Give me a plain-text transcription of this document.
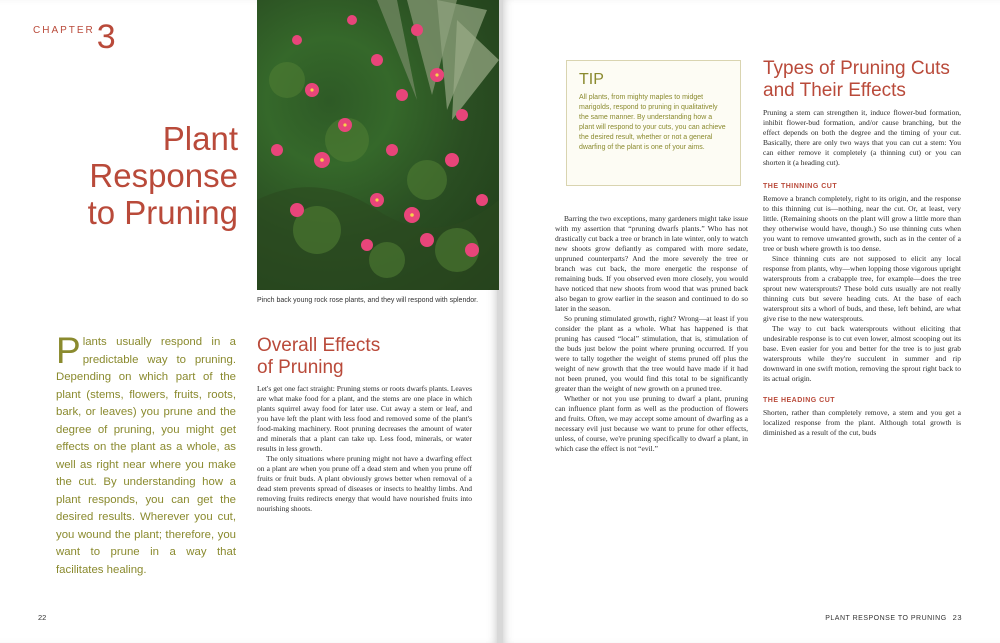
$^{CHAPTER}$3
Plant
Response
to Pruning
Pinch back young rock rose plants, and they will respond with splendor.

Plants usually respond in a predictable way to pruning. Depending on which part of the plant (stems, flowers, fruits, roots, bark, or leaves) you prune and the degree of pruning, you might get effects on the plant as a whole, as well as right near where you make the cut. By understanding how a plant responds, you can get the desired results. Wherever you cut, you wound the plant; therefore, you want to prune in a way that facilitates healing.

Overall Effects
of Pruning

Let's get one fact straight: Pruning stems or roots dwarfs plants. Leaves are what make food for a plant, and the stems are one place in which plants squirrel away food for later use. Cut away a stem or leaf, and you have left the plant with less food and removed some of the plant's food-making machinery. Root pruning decreases the amount of water and minerals that a plant can take up. Less food, minerals, or water results in less growth.

The only situations where pruning might not have a dwarfing effect on a plant are when you prune off a dead stem and when you prune off fruits or fruit buds. A plant obviously grows better when removal of a dead stem prevents spread of diseases or insects to healthy limbs. And removing fruits redirects energy that would have nourished fruits into nourishing shoots.

22
TIP
All plants, from mighty maples to midget marigolds, respond to pruning in qualitatively the same manner. By understanding how a plant will respond to your cuts, you can achieve the desired result, whether or not a general dwarfing of the plant is one of your aims.

Barring the two exceptions, many gardeners might take issue with my assertion that “pruning dwarfs plants.” Who has not drastically cut back a tree or branch in late winter, only to watch new shoots grow defiantly as compared with more sedate, unpruned counterparts? And the more severely the tree or branch was cut back, the more energetic the response of remaining buds. If you observed even more closely, you would have noticed that new shoots from wood that was pruned back also began to grow earlier in the season and continued to do so later in the season.

So pruning stimulated growth, right? Wrong—at least if you consider the plant as a whole. What has happened is that pruning has caused “local” stimulation, that is, stimulation of the buds just below the point where pruning occurred. If you were to tally together the weight of stems pruned off plus the weight of new growth that the tree would have made if it had not been pruned, you would find this total to be significantly greater than the weight of new growth on a pruned tree.

Whether or not you use pruning to dwarf a plant, pruning can influence plant form as well as the production of flowers and fruits. Often, we may accept some amount of dwarfing as a necessary evil just because we want to prune for other effects, unless, of course, we're pruning specifically to dwarf a plant, in which case the effect is not “evil.”

Types of Pruning Cuts
and Their Effects

Pruning a stem can strengthen it, induce flower-bud formation, inhibit flower-bud formation, and/or cause branching, but the effect depends on both the degree and the timing of your cut. Basically, there are only two ways that you can cut a stem: You can either remove it completely (a thinning cut) or you can shorten it (a heading cut).

THE THINNING CUT

Remove a branch completely, right to its origin, and the response to this thinning cut is—nothing, near the cut. Or, at least, very little. (Remaining shoots on the plant will grow a little more than they otherwise would have, though.) So use thinning cuts when you want to remove unwanted growth, such as in the center of a tree or bush where growth is too dense.

Since thinning cuts are not supposed to elicit any local response from plants, why—when lopping those vigorous upright watersprouts from a crabapple tree, for example—does the tree sprout new watersprouts? These bold cuts usually are not really thinning cuts but severe heading cuts. At the base of each watersprout sits a whorl of buds, and these, left behind, are what give rise to the new watersprouts.

The way to cut back watersprouts without eliciting that undesirable response is to cut even lower, almost scooping out its base. Even easier for you and better for the tree is to just grab watersprouts while they're succulent in summer and rip downward in one swift motion, removing the sprout right back to its actual origin.

THE HEADING CUT

Shorten, rather than completely remove, a stem and you get a localized response from the plant. Although total growth is diminished as a result of the cut, buds

PLANT RESPONSE TO PRUNING 23
